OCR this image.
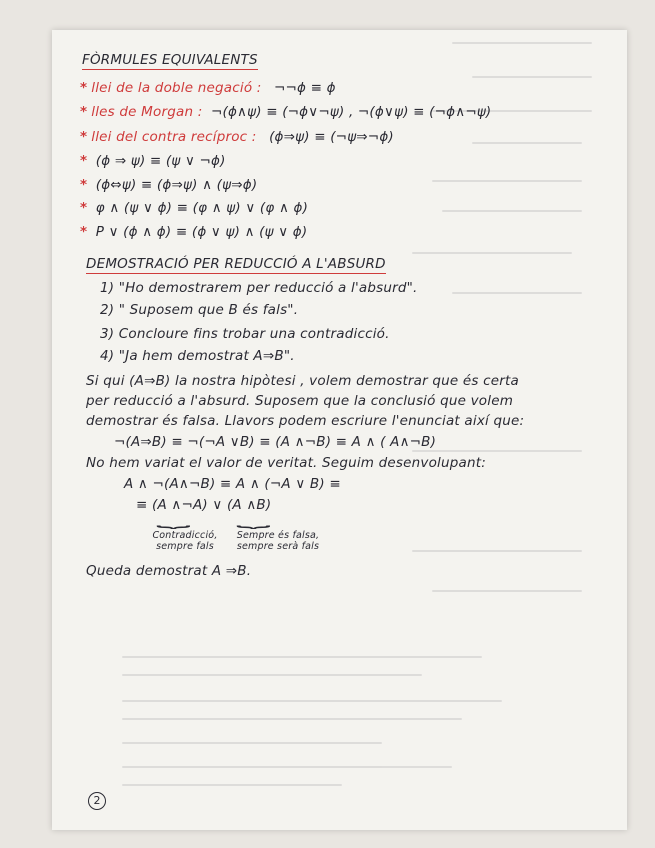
FÒRMULES EQUIVALENTS
* llei de la doble negació : ¬¬ϕ ≡ ϕ
* lles de Morgan : ¬(ϕ∧ψ) ≡ (¬ϕ∨¬ψ) , ¬(ϕ∨ψ) ≡ (¬ϕ∧¬ψ)
* llei del contra recíproc : (ϕ⇒ψ) ≡ (¬ψ⇒¬ϕ)
* (ϕ ⇒ ψ) ≡ (ψ ∨ ¬ϕ)
* (ϕ⇔ψ) ≡ (ϕ⇒ψ) ∧ (ψ⇒ϕ)
* φ ∧ (ψ ∨ ϕ) ≡ (φ ∧ ψ) ∨ (φ ∧ ϕ)
* P ∨ (ϕ ∧ ϕ) ≡ (ϕ ∨ ψ) ∧ (ψ ∨ ϕ)
DEMOSTRACIÓ PER REDUCCIÓ A L'ABSURD
1) "Ho demostrarem per reducció a l'absurd".
2) " Suposem que B és fals".
3) Concloure fins trobar una contradicció.
4) "Ja hem demostrat A⇒B".
Si qui (A⇒B) la nostra hipòtesi , volem demostrar que és certa
per reducció a l'absurd. Suposem que la conclusió que volem
demostrar és falsa. Llavors podem escriure l'enunciat així que:
¬(A⇒B) ≡ ¬(¬A ∨B) ≡ (A ∧¬B) ≡ A ∧ ( A∧¬B)
No hem variat el valor de veritat. Seguim desenvolupant:
A ∧ ¬(A∧¬B) ≡ A ∧ (¬A ∨ B) ≡
≡ (A ∧¬A) ∨ (A ∧B)
⏟	⏟
Contradicció, sempre fals
Sempre és falsa, sempre serà fals
Queda demostrat A ⇒B.
2
